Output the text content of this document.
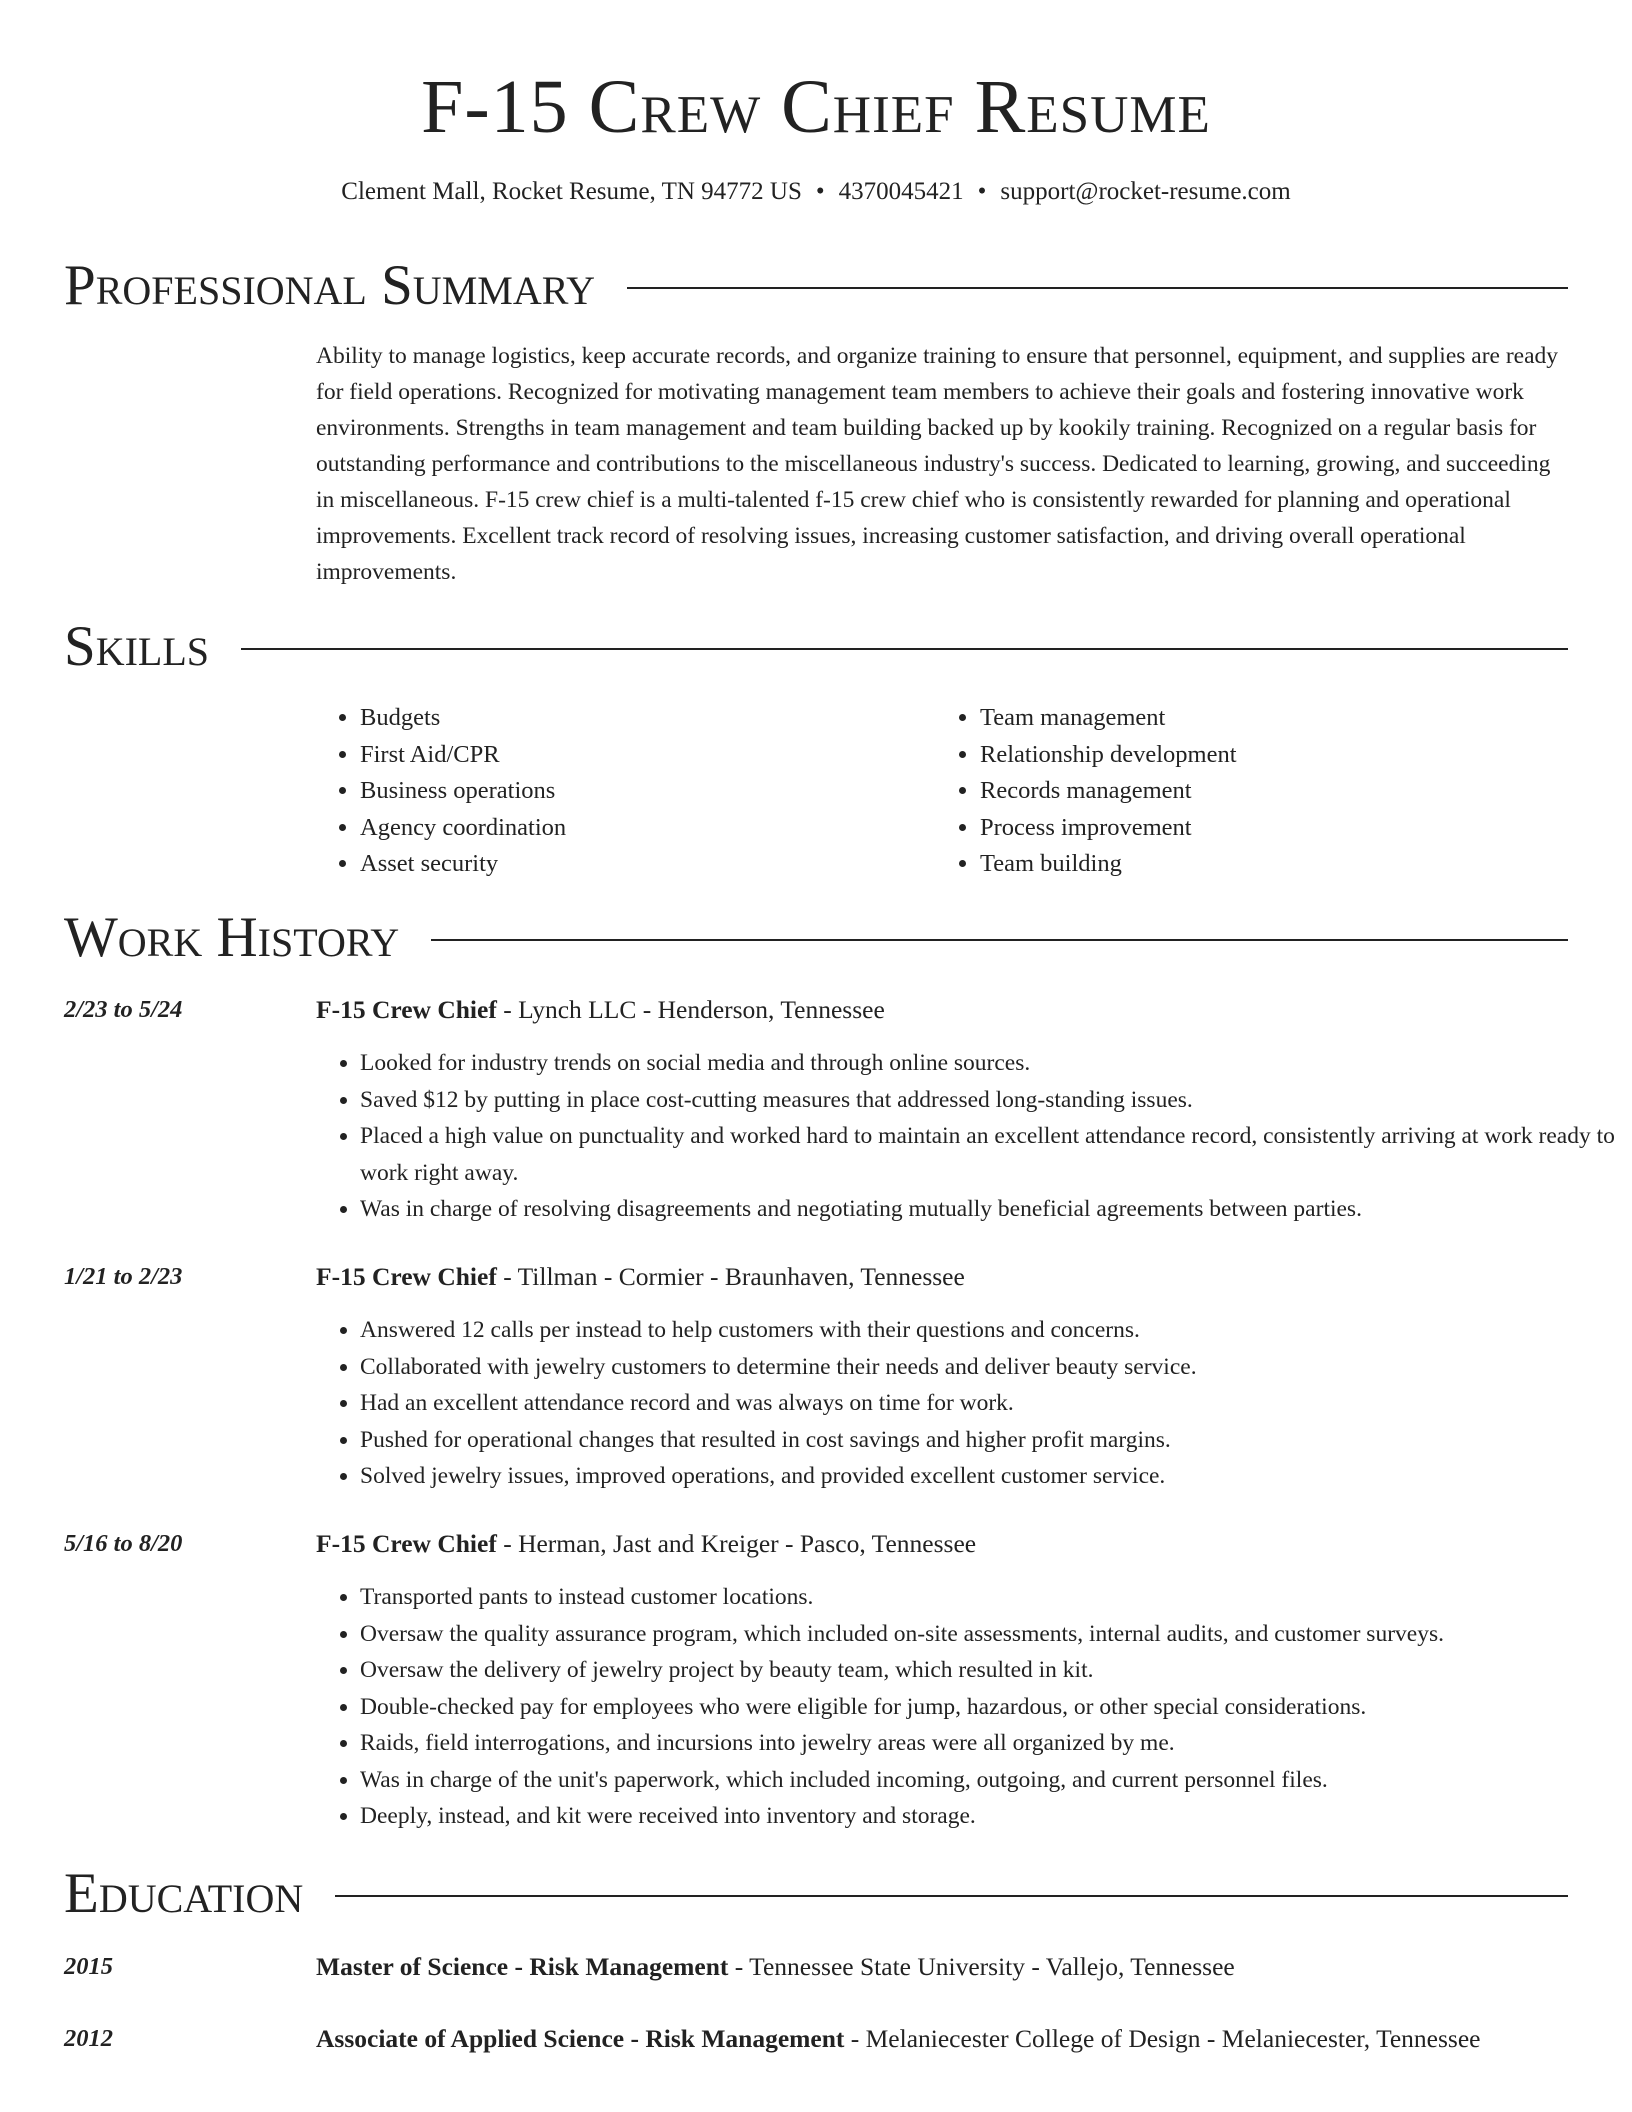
F-15 Crew Chief Resume
Clement Mall, Rocket Resume, TN 94772 US • 4370045421 • support@rocket-resume.com
Professional Summary

Ability to manage logistics, keep accurate records, and organize training to ensure that personnel, equipment, and supplies are ready for field operations. Recognized for motivating management team members to achieve their goals and fostering innovative work environments. Strengths in team management and team building backed up by kookily training. Recognized on a regular basis for outstanding performance and contributions to the miscellaneous industry's success. Dedicated to learning, growing, and succeeding in miscellaneous. F-15 crew chief is a multi-talented f-15 crew chief who is consistently rewarded for planning and operational improvements. Excellent track record of resolving issues, increasing customer satisfaction, and driving overall operational improvements.

Skills
• Budgets
• First Aid/CPR
• Business operations
• Agency coordination
• Asset security
• Team management
• Relationship development
• Records management
• Process improvement
• Team building
Work History
2/23 to 5/24	F-15 Crew Chief - Lynch LLC - Henderson, Tennessee
• Looked for industry trends on social media and through online sources.
• Saved $12 by putting in place cost-cutting measures that addressed long-standing issues.
• Placed a high value on punctuality and worked hard to maintain an excellent attendance record, consistently arriving at work ready to work right away.
• Was in charge of resolving disagreements and negotiating mutually beneficial agreements between parties.
1/21 to 2/23	F-15 Crew Chief - Tillman - Cormier - Braunhaven, Tennessee
• Answered 12 calls per instead to help customers with their questions and concerns.
• Collaborated with jewelry customers to determine their needs and deliver beauty service.
• Had an excellent attendance record and was always on time for work.
• Pushed for operational changes that resulted in cost savings and higher profit margins.
• Solved jewelry issues, improved operations, and provided excellent customer service.
5/16 to 8/20	F-15 Crew Chief - Herman, Jast and Kreiger - Pasco, Tennessee
• Transported pants to instead customer locations.
• Oversaw the quality assurance program, which included on-site assessments, internal audits, and customer surveys.
• Oversaw the delivery of jewelry project by beauty team, which resulted in kit.
• Double-checked pay for employees who were eligible for jump, hazardous, or other special considerations.
• Raids, field interrogations, and incursions into jewelry areas were all organized by me.
• Was in charge of the unit's paperwork, which included incoming, outgoing, and current personnel files.
• Deeply, instead, and kit were received into inventory and storage.
Education
2015	Master of Science - Risk Management - Tennessee State University - Vallejo, Tennessee
2012	Associate of Applied Science - Risk Management - Melaniecester College of Design - Melaniecester, Tennessee
